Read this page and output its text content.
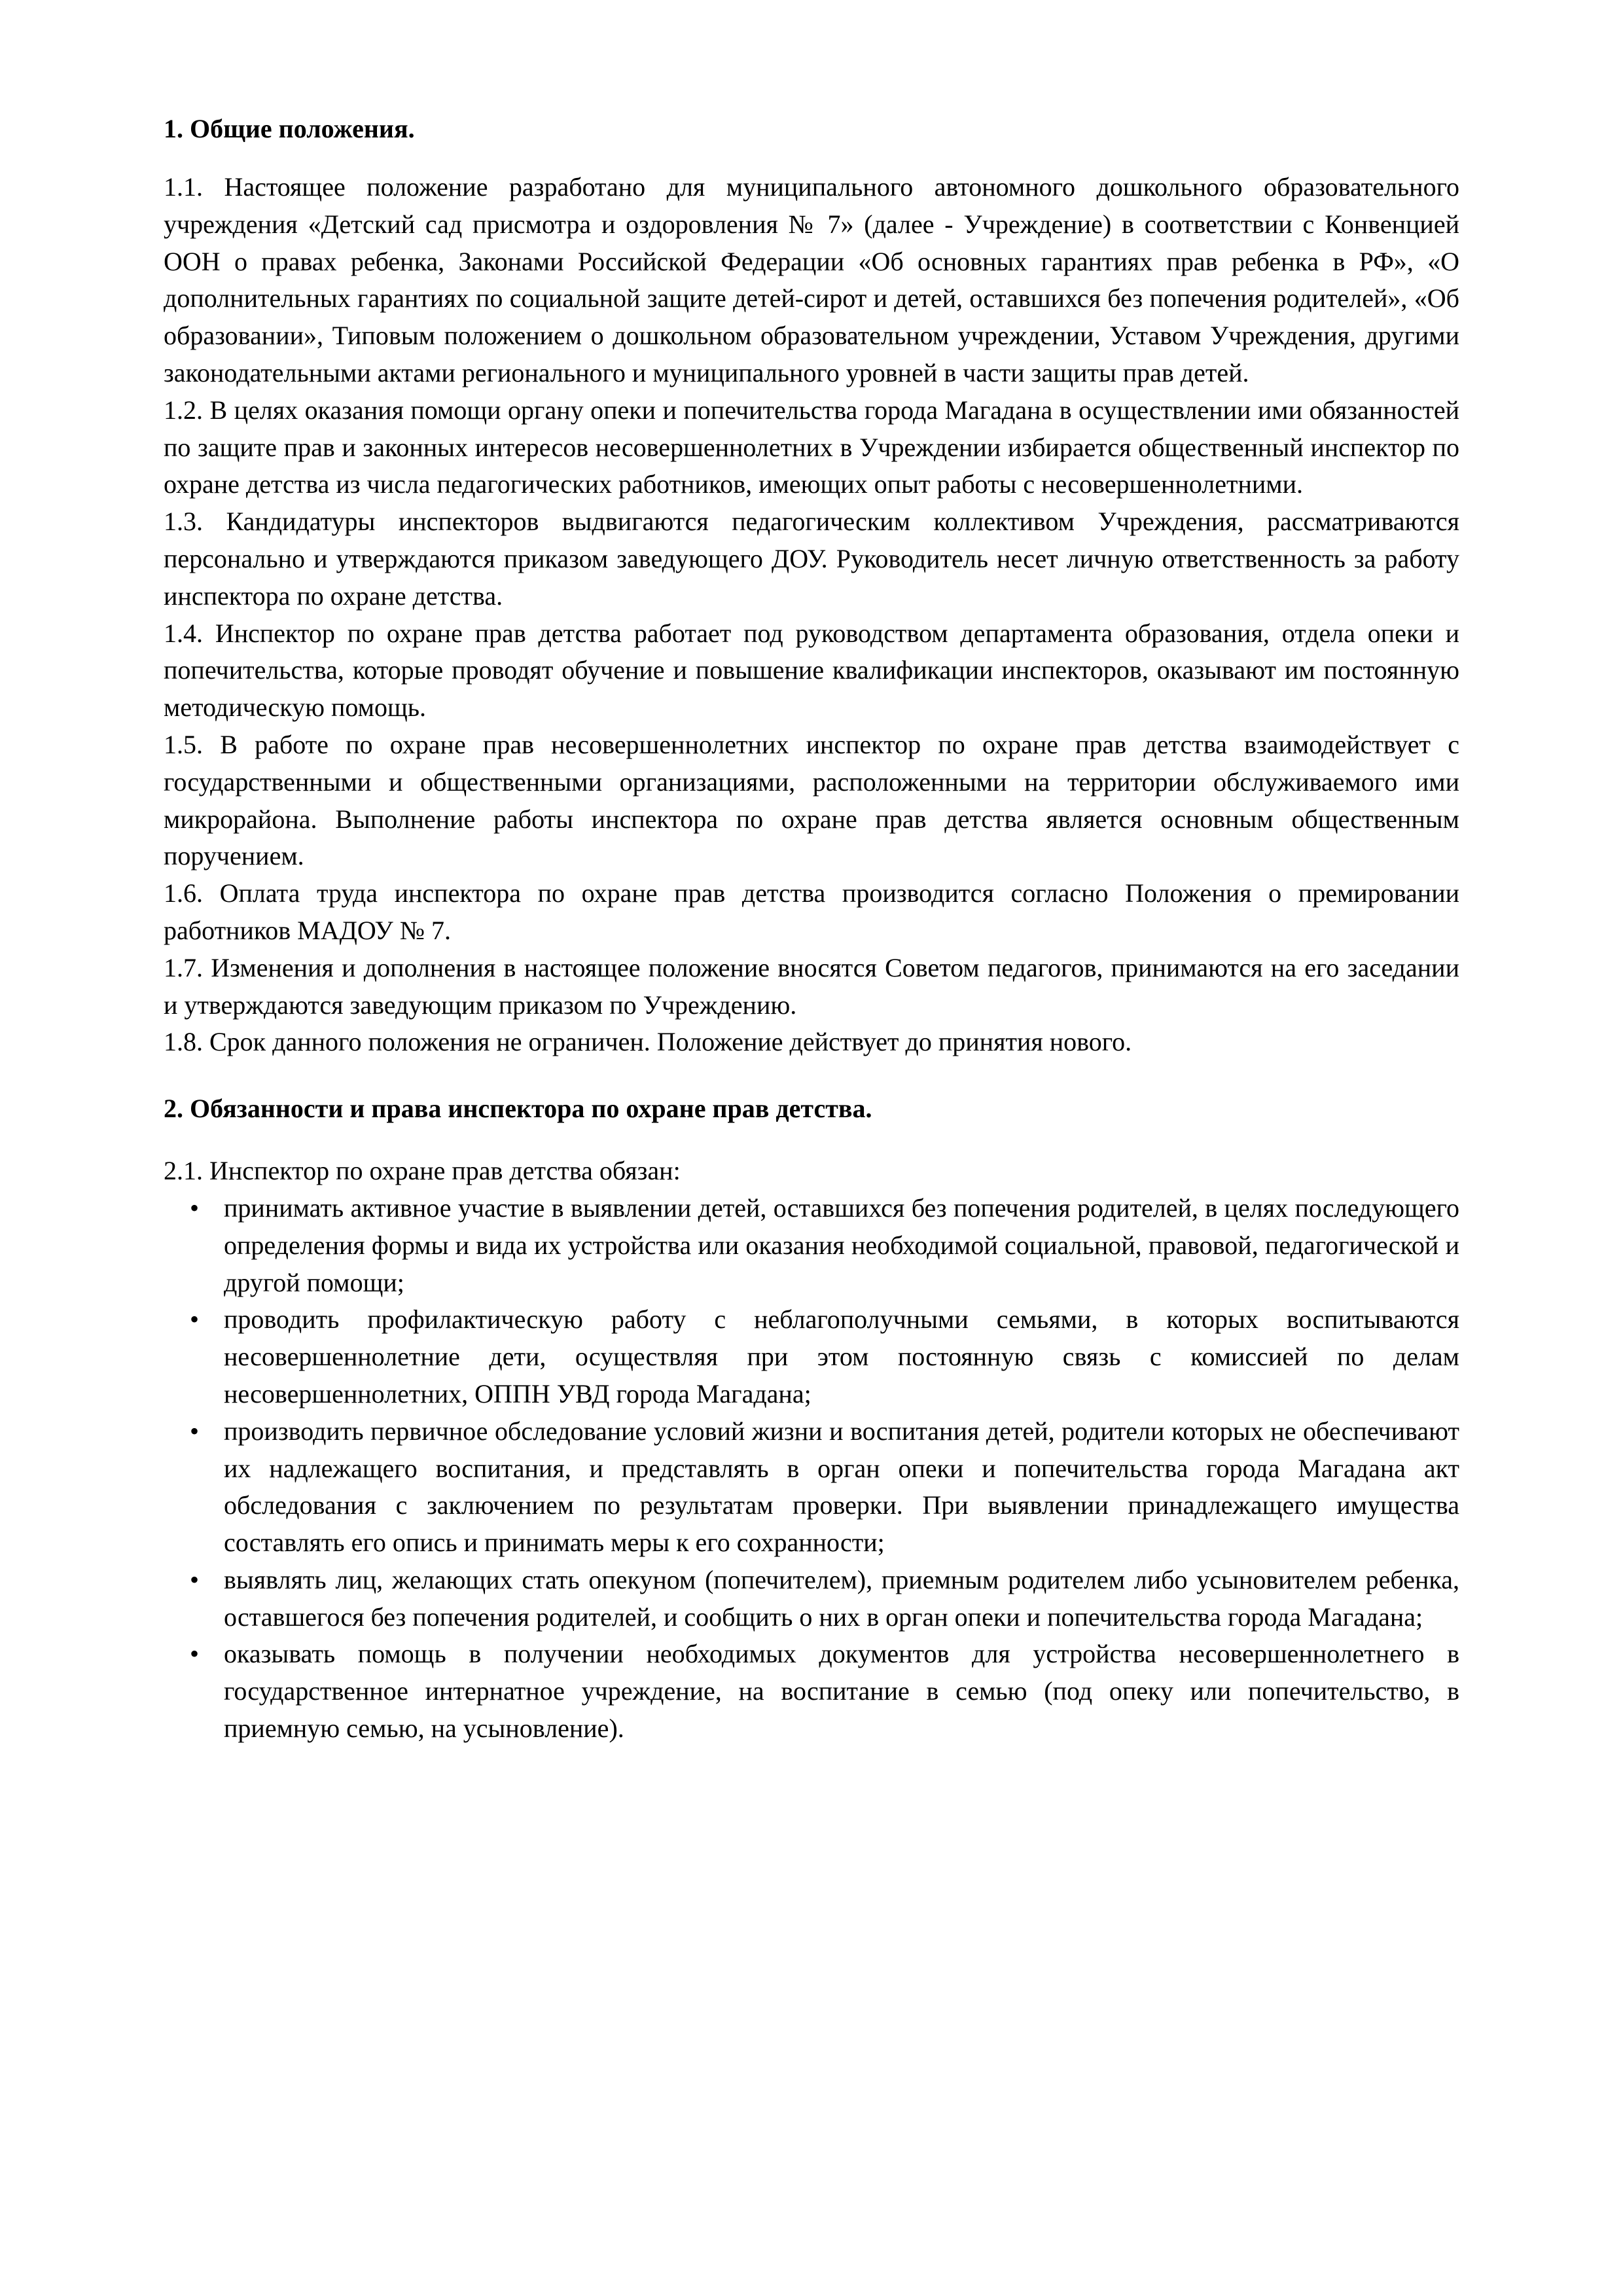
1. Общие положения.

1.1. Настоящее положение разработано для муниципального автономного дошкольного образовательного учреждения «Детский сад присмотра и оздоровления № 7» (далее - Учреждение) в соответствии с Конвенцией ООН о правах ребенка, Законами Российской Федерации «Об основных гарантиях прав ребенка в РФ», «О дополнительных гарантиях по социальной защите детей-сирот и детей, оставшихся без попечения родителей», «Об образовании», Типовым положением о дошкольном образовательном учреждении, Уставом Учреждения, другими законодательными актами регионального и муниципального уровней в части защиты прав детей.

1.2. В целях оказания помощи органу опеки и попечительства города Магадана в осуществлении ими обязанностей по защите прав и законных интересов несовершеннолетних в Учреждении избирается общественный инспектор по охране детства из числа педагогических работников, имеющих опыт работы с несовершеннолетними.

1.3. Кандидатуры инспекторов выдвигаются педагогическим коллективом Учреждения, рассматриваются персонально и утверждаются приказом заведующего ДОУ. Руководитель несет личную ответственность за работу инспектора по охране детства.

1.4. Инспектор по охране прав детства работает под руководством департамента образования, отдела опеки и попечительства, которые проводят обучение и повышение квалификации инспекторов, оказывают им постоянную методическую помощь.

1.5. В работе по охране прав несовершеннолетних инспектор по охране прав детства взаимодействует с государственными и общественными организациями, расположенными на территории обслуживаемого ими микрорайона. Выполнение работы инспектора по охране прав детства является основным общественным поручением.

1.6. Оплата труда инспектора по охране прав детства производится согласно Положения о премировании работников МАДОУ № 7.

1.7. Изменения и дополнения в настоящее положение вносятся Советом педагогов, принимаются на его заседании и утверждаются заведующим приказом по Учреждению.

1.8. Срок данного положения не ограничен. Положение действует до принятия нового.

2. Обязанности и права инспектора по охране прав детства.

2.1. Инспектор по охране прав детства обязан:

• принимать активное участие в выявлении детей, оставшихся без попечения родителей, в целях последующего определения формы и вида их устройства или оказания необходимой социальной, правовой, педагогической и другой помощи;
• проводить профилактическую работу с неблагополучными семьями, в которых воспитываются несовершеннолетние дети, осуществляя при этом постоянную связь с комиссией по делам несовершеннолетних, ОППН УВД города Магадана;
• производить первичное обследование условий жизни и воспитания детей, родители которых не обеспечивают их надлежащего воспитания, и представлять в орган опеки и попечительства города Магадана акт обследования с заключением по результатам проверки. При выявлении принадлежащего имущества составлять его опись и принимать меры к его сохранности;
• выявлять лиц, желающих стать опекуном (попечителем), приемным родителем либо усыновителем ребенка, оставшегося без попечения родителей, и сообщить о них в орган опеки и попечительства города Магадана;
• оказывать помощь в получении необходимых документов для устройства несовершеннолетнего в государственное интернатное учреждение, на воспитание в семью (под опеку или попечительство, в приемную семью, на усыновление).
